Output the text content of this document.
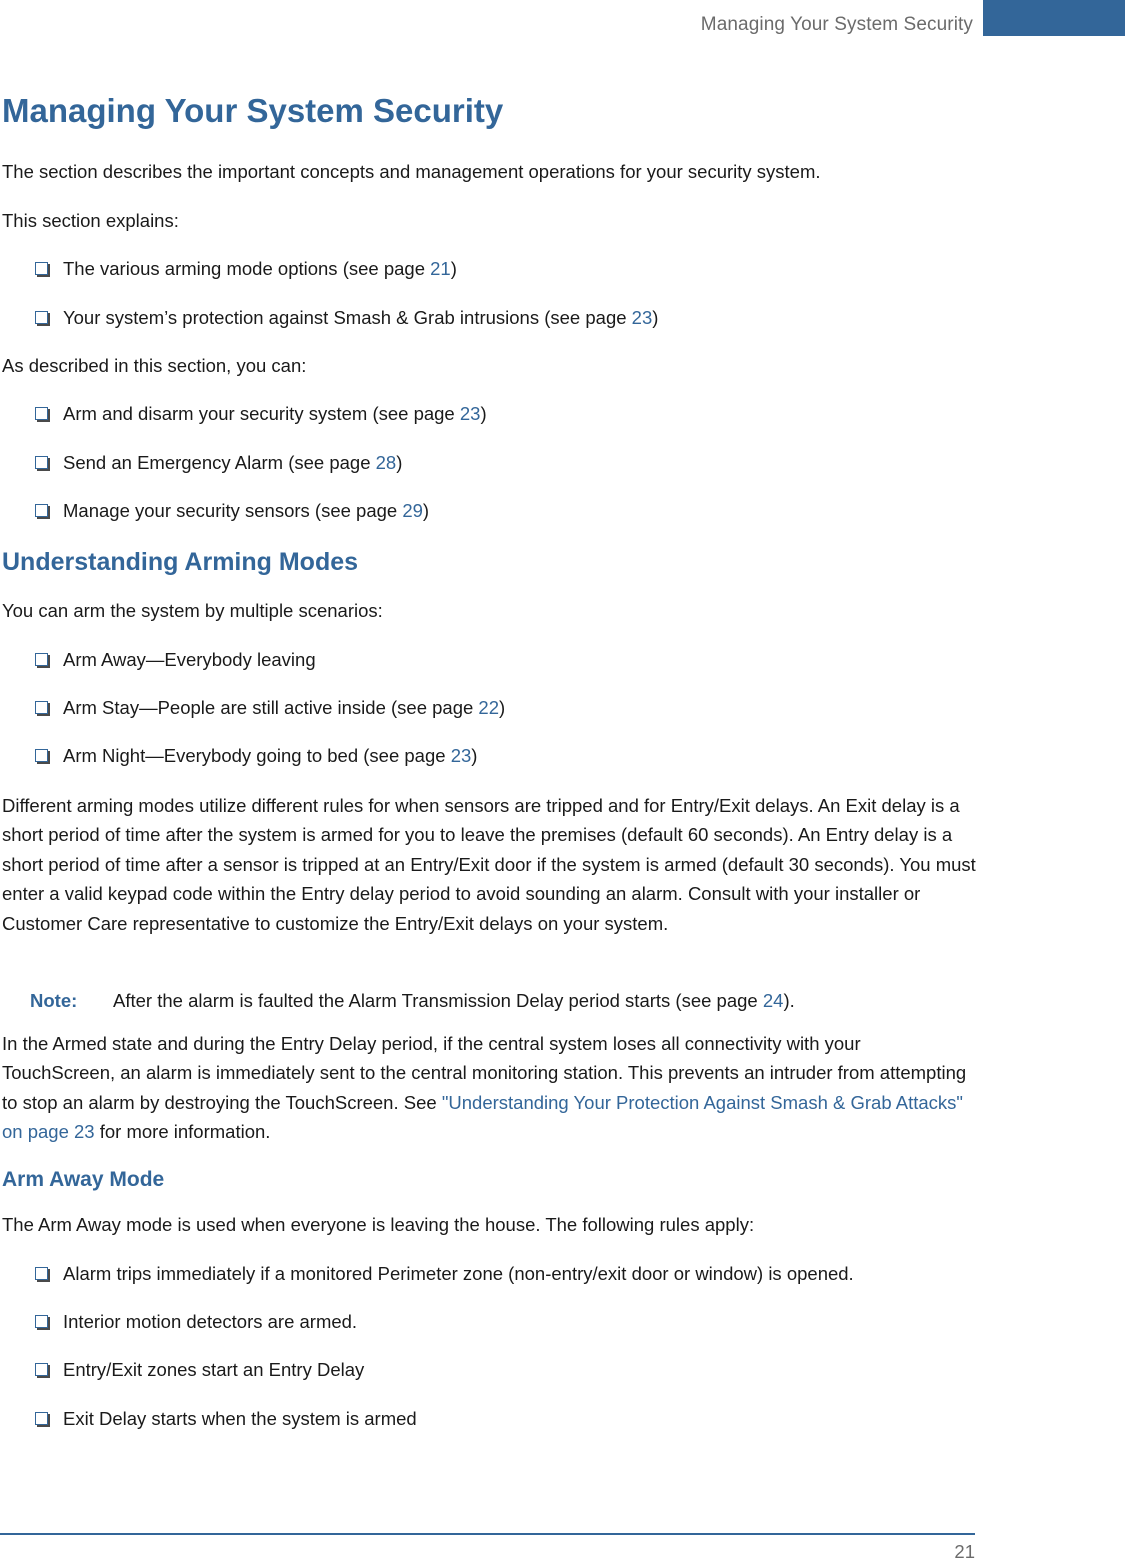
Managing Your System Security
Managing Your System Security

The section describes the important concepts and management operations for your security system.

This section explains:

The various arming mode options (see page 21)

Your system’s protection against Smash & Grab intrusions (see page 23)

As described in this section, you can:

Arm and disarm your security system (see page 23)

Send an Emergency Alarm (see page 28)

Manage your security sensors (see page 29)

Understanding Arming Modes

You can arm the system by multiple scenarios:

Arm Away—Everybody leaving

Arm Stay—People are still active inside (see page 22)

Arm Night—Everybody going to bed (see page 23)

Different arming modes utilize different rules for when sensors are tripped and for Entry/Exit delays. An Exit delay is a short period of time after the system is armed for you to leave the premises (default 60 seconds). An Entry delay is a short period of time after a sensor is tripped at an Entry/Exit door if the system is armed (default 30 seconds). You must enter a valid keypad code within the Entry delay period to avoid sounding an alarm. Consult with your installer or Customer Care representative to customize the Entry/Exit delays on your system.

Note: After the alarm is faulted the Alarm Transmission Delay period starts (see page 24).

In the Armed state and during the Entry Delay period, if the central system loses all connectivity with your TouchScreen, an alarm is immediately sent to the central monitoring station. This prevents an intruder from attempting to stop an alarm by destroying the TouchScreen. See "Understanding Your Protection Against Smash & Grab Attacks" on page 23 for more information.

Arm Away Mode

The Arm Away mode is used when everyone is leaving the house. The following rules apply:

Alarm trips immediately if a monitored Perimeter zone (non-entry/exit door or window) is opened.

Interior motion detectors are armed.

Entry/Exit zones start an Entry Delay

Exit Delay starts when the system is armed

21
